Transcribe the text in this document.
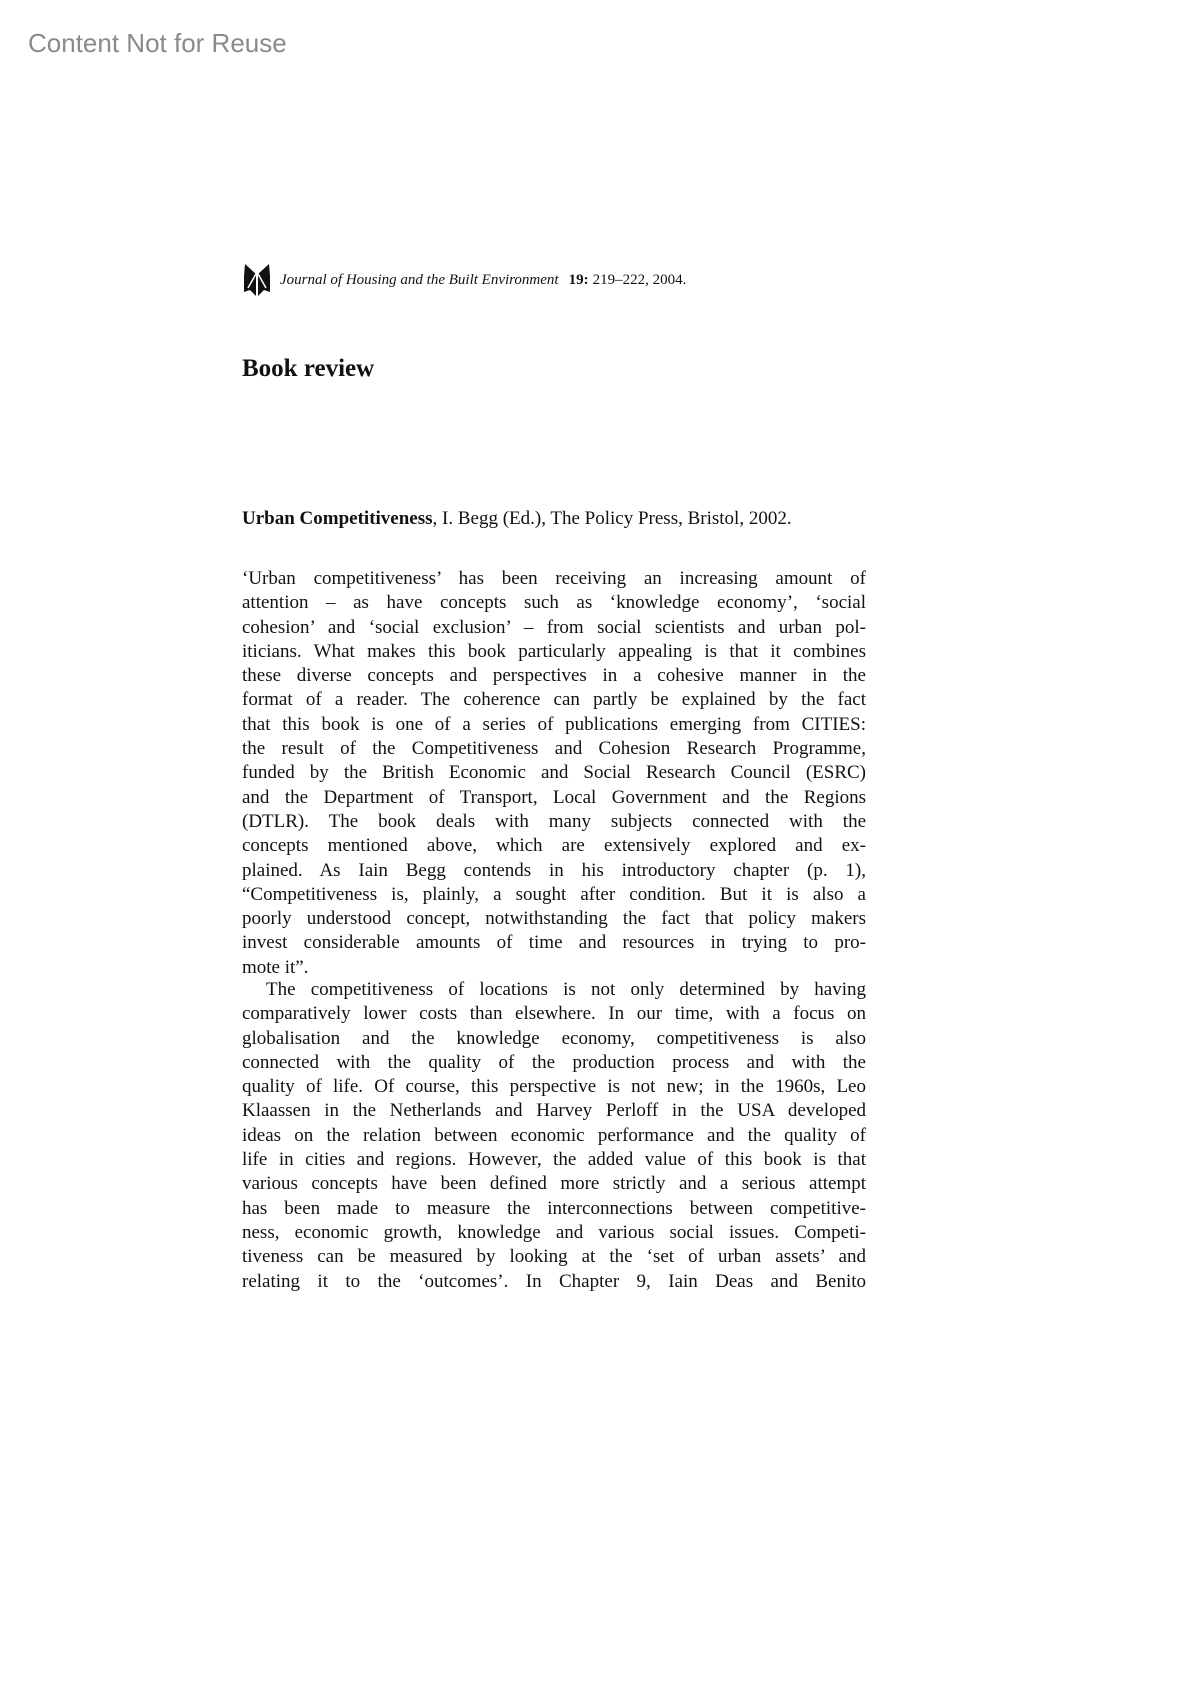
Content Not for Reuse
Journal of Housing and the Built Environment 19: 219–222, 2004.
Book review
Urban Competitiveness, I. Begg (Ed.), The Policy Press, Bristol, 2002.
‘Urban competitiveness’ has been receiving an increasing amount of
attention – as have concepts such as ‘knowledge economy’, ‘social
cohesion’ and ‘social exclusion’ – from social scientists and urban pol-
iticians. What makes this book particularly appealing is that it combines
these diverse concepts and perspectives in a cohesive manner in the
format of a reader. The coherence can partly be explained by the fact
that this book is one of a series of publications emerging from CITIES:
the result of the Competitiveness and Cohesion Research Programme,
funded by the British Economic and Social Research Council (ESRC)
and the Department of Transport, Local Government and the Regions
(DTLR). The book deals with many subjects connected with the
concepts mentioned above, which are extensively explored and ex-
plained. As Iain Begg contends in his introductory chapter (p. 1),
“Competitiveness is, plainly, a sought after condition. But it is also a
poorly understood concept, notwithstanding the fact that policy makers
invest considerable amounts of time and resources in trying to pro-
mote it”.
The competitiveness of locations is not only determined by having
comparatively lower costs than elsewhere. In our time, with a focus on
globalisation and the knowledge economy, competitiveness is also
connected with the quality of the production process and with the
quality of life. Of course, this perspective is not new; in the 1960s, Leo
Klaassen in the Netherlands and Harvey Perloff in the USA developed
ideas on the relation between economic performance and the quality of
life in cities and regions. However, the added value of this book is that
various concepts have been defined more strictly and a serious attempt
has been made to measure the interconnections between competitive-
ness, economic growth, knowledge and various social issues. Competi-
tiveness can be measured by looking at the ‘set of urban assets’ and
relating it to the ‘outcomes’. In Chapter 9, Iain Deas and Benito
